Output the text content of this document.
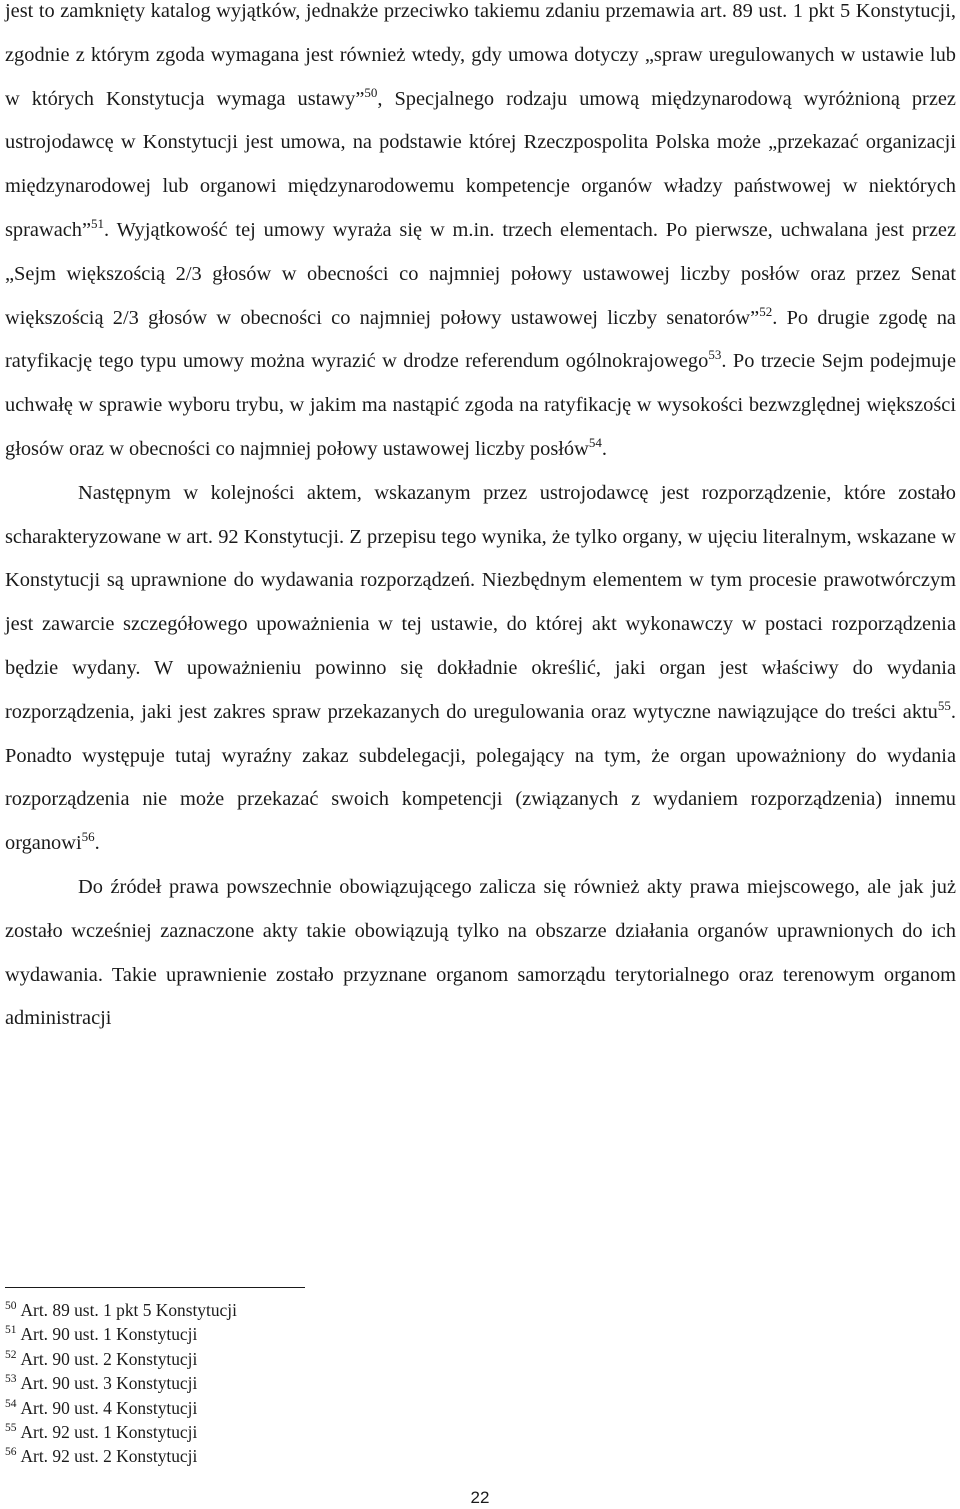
jest to zamknięty katalog wyjątków, jednakże przeciwko takiemu zdaniu przemawia art. 89 ust. 1 pkt 5 Konstytucji, zgodnie z którym zgoda wymagana jest również wtedy, gdy umowa dotyczy „spraw uregulowanych w ustawie lub w których Konstytucja wymaga ustawy”$^{50}$, Specjalnego rodzaju umową międzynarodową wyróżnioną przez ustrojodawcę w Konstytucji jest umowa, na podstawie której Rzeczpospolita Polska może „przekazać organizacji międzynarodowej lub organowi międzynarodowemu kompetencje organów władzy państwowej w niektórych sprawach”$^{51}$. Wyjątkowość tej umowy wyraża się w m.in. trzech elementach. Po pierwsze, uchwalana jest przez „Sejm większością 2/3 głosów w obecności co najmniej połowy ustawowej liczby posłów oraz przez Senat większością 2/3 głosów w obecności co najmniej połowy ustawowej liczby senatorów”$^{52}$. Po drugie zgodę na ratyfikację tego typu umowy można wyrazić w drodze referendum ogólnokrajowego$^{53}$. Po trzecie Sejm podejmuje uchwałę w sprawie wyboru trybu, w jakim ma nastąpić zgoda na ratyfikację w wysokości bezwzględnej większości głosów oraz w obecności co najmniej połowy ustawowej liczby posłów$^{54}$.

Następnym w kolejności aktem, wskazanym przez ustrojodawcę jest rozporządzenie, które zostało scharakteryzowane w art. 92 Konstytucji. Z przepisu tego wynika, że tylko organy, w ujęciu literalnym, wskazane w Konstytucji są uprawnione do wydawania rozporządzeń. Niezbędnym elementem w tym procesie prawotwórczym jest zawarcie szczegółowego upoważnienia w tej ustawie, do której akt wykonawczy w postaci rozporządzenia będzie wydany. W upoważnieniu powinno się dokładnie określić, jaki organ jest właściwy do wydania rozporządzenia, jaki jest zakres spraw przekazanych do uregulowania oraz wytyczne nawiązujące do treści aktu$^{55}$. Ponadto występuje tutaj wyraźny zakaz subdelegacji, polegający na tym, że organ upoważniony do wydania rozporządzenia nie może przekazać swoich kompetencji (związanych z wydaniem rozporządzenia) innemu organowi$^{56}$.

Do źródeł prawa powszechnie obowiązującego zalicza się również akty prawa miejscowego, ale jak już zostało wcześniej zaznaczone akty takie obowiązują tylko na obszarze działania organów uprawnionych do ich wydawania. Takie uprawnienie zostało przyznane organom samorządu terytorialnego oraz terenowym organom administracji

$^{50}$ Art. 89 ust. 1 pkt 5 Konstytucji
$^{51}$ Art. 90 ust. 1 Konstytucji
$^{52}$ Art. 90 ust. 2 Konstytucji
$^{53}$ Art. 90 ust. 3 Konstytucji
$^{54}$ Art. 90 ust. 4 Konstytucji
$^{55}$ Art. 92 ust. 1 Konstytucji
$^{56}$ Art. 92 ust. 2 Konstytucji
22
